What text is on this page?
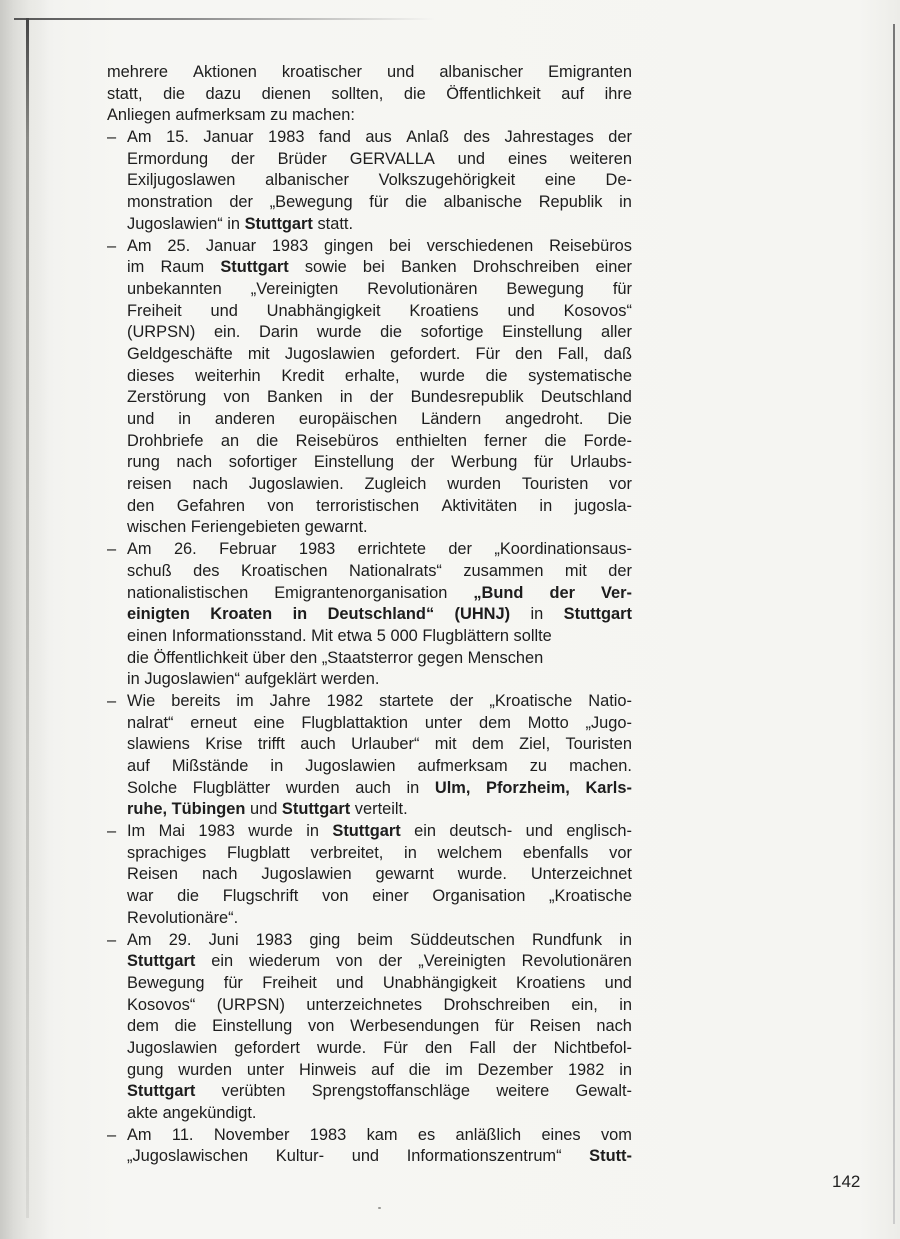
mehrere Aktionen kroatischer und albanischer Emigranten
statt, die dazu dienen sollten, die Öffentlichkeit auf ihre
Anliegen aufmerksam zu machen:
– Am 15. Januar 1983 fand aus Anlaß des Jahrestages der
Ermordung der Brüder GERVALLA und eines weiteren
Exiljugoslawen albanischer Volkszugehörigkeit eine De-
monstration der „Bewegung für die albanische Republik in
Jugoslawien“ in Stuttgart statt.
– Am 25. Januar 1983 gingen bei verschiedenen Reisebüros
im Raum Stuttgart sowie bei Banken Drohschreiben einer
unbekannten „Vereinigten Revolutionären Bewegung für
Freiheit und Unabhängigkeit Kroatiens und Kosovos“
(URPSN) ein. Darin wurde die sofortige Einstellung aller
Geldgeschäfte mit Jugoslawien gefordert. Für den Fall, daß
dieses weiterhin Kredit erhalte, wurde die systematische
Zerstörung von Banken in der Bundesrepublik Deutschland
und in anderen europäischen Ländern angedroht. Die
Drohbriefe an die Reisebüros enthielten ferner die Forde-
rung nach sofortiger Einstellung der Werbung für Urlaubs-
reisen nach Jugoslawien. Zugleich wurden Touristen vor
den Gefahren von terroristischen Aktivitäten in jugosla-
wischen Feriengebieten gewarnt.
– Am 26. Februar 1983 errichtete der „Koordinationsaus-
schuß des Kroatischen Nationalrats“ zusammen mit der
nationalistischen Emigrantenorganisation „Bund der Ver-
einigten Kroaten in Deutschland“ (UHNJ) in Stuttgart
einen Informationsstand. Mit etwa 5 000 Flugblättern sollte
die Öffentlichkeit über den „Staatsterror gegen Menschen
in Jugoslawien“ aufgeklärt werden.
– Wie bereits im Jahre 1982 startete der „Kroatische Natio-
nalrat“ erneut eine Flugblattaktion unter dem Motto „Jugo-
slawiens Krise trifft auch Urlauber“ mit dem Ziel, Touristen
auf Mißstände in Jugoslawien aufmerksam zu machen.
Solche Flugblätter wurden auch in Ulm, Pforzheim, Karls-
ruhe, Tübingen und Stuttgart verteilt.
– Im Mai 1983 wurde in Stuttgart ein deutsch- und englisch-
sprachiges Flugblatt verbreitet, in welchem ebenfalls vor
Reisen nach Jugoslawien gewarnt wurde. Unterzeichnet
war die Flugschrift von einer Organisation „Kroatische
Revolutionäre“.
– Am 29. Juni 1983 ging beim Süddeutschen Rundfunk in
Stuttgart ein wiederum von der „Vereinigten Revolutionären
Bewegung für Freiheit und Unabhängigkeit Kroatiens und
Kosovos“ (URPSN) unterzeichnetes Drohschreiben ein, in
dem die Einstellung von Werbesendungen für Reisen nach
Jugoslawien gefordert wurde. Für den Fall der Nichtbefol-
gung wurden unter Hinweis auf die im Dezember 1982 in
Stuttgart verübten Sprengstoffanschläge weitere Gewalt-
akte angekündigt.
– Am 11. November 1983 kam es anläßlich eines vom
„Jugoslawischen Kultur- und Informationszentrum“ Stutt-
142
